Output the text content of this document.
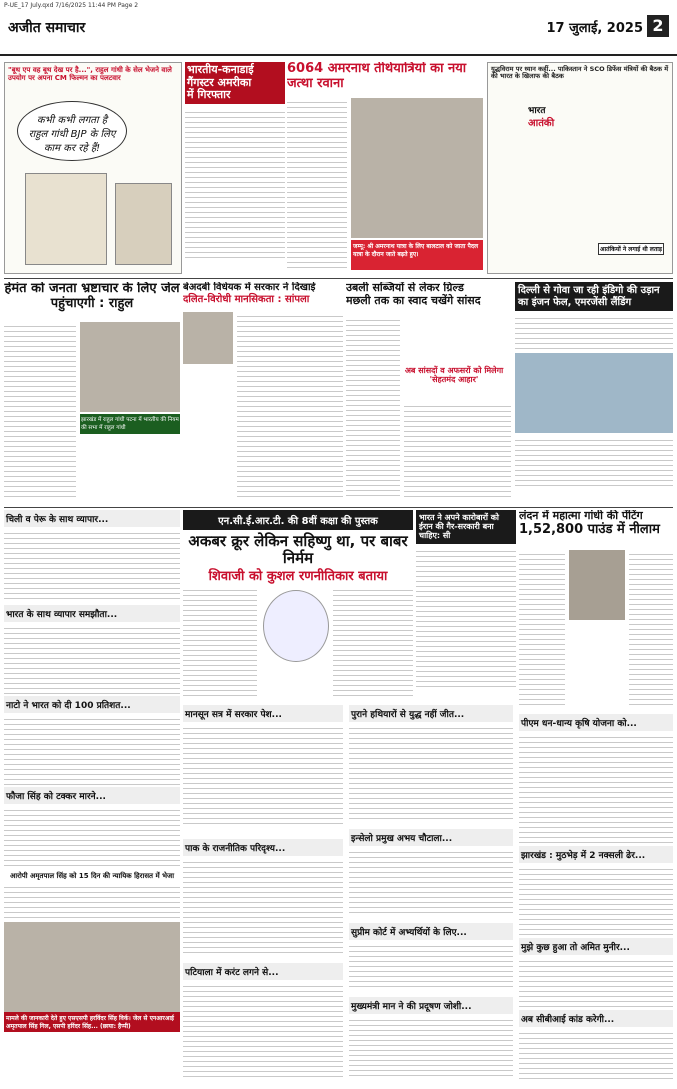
P-UE_17 July.qxd 7/16/2025 11:44 PM Page 2
अजीत समाचार	17 जुलाई, 2025 2
"बूथ एप वह बूथ देख पर है...", राहुल गांधी के सेल भेजने वाले उपयोग पर अपना CM फिल्मन का पलटवार
कभी कभी लगता है राहुल गांधी BJP के लिए काम कर रहे हैं!
भारतीय-कनाडाई
गैंगस्टर अमरीका
में गिरफ्तार
6064 अमरनाथ तीर्थयात्रियों का नया जत्था रवाना
जम्मू: श्री अमरनाथ यात्रा के लिए बालटाल को जाता पैदल यात्रा के दौरान जाते बढ़ते हुए।
युद्धविराम पर ध्यान कहीं... पाकिस्तान ने SCO डिफेंस मंत्रियों की बैठक में की भारत के खिलाफ की बैठक
भारत
आतंकी
आतंकियों ने लगाई थी लताड़
हेमंत को जनता भ्रष्टाचार के लिए जेल पहुंचाएगी : राहुल
झारखंड में राहुल गांधी पटना में भारतीय की नियम की सभा में राहुल गांधी
बेअदबी विधेयक में सरकार ने दिखाई
दलित-विरोधी मानसिकता : सांपला
उबली सब्जियों से लेकर ग्रिल्ड
मछली तक का स्वाद चखेंगे सांसद
अब सांसदों व अफसरों को मिलेगा 'सेहतमंद आहार'
दिल्ली से गोवा जा रही इंडिगो की उड़ान का इंजन फेल, एमरजेंसी लैंडिंग
चिली व पेरू के साथ व्यापार...
भारत के साथ व्यापार समझौता...
नाटो ने भारत को दी 100 प्रतिशत...
फौजा सिंह को टक्कर मारने...
आरोपी अमृतपाल सिंह को 15 दिन की न्यायिक हिरासत में भेजा
मामले की जानकारी देते हुए एसएसपी हरविंदर सिंह विर्क। जेल से एनआरआई अमृतपाल सिंह गिल, एसपी हरिंदर सिंह... (छाया: हैप्पी)
एन.सी.ई.आर.टी. की 8वीं कक्षा की पुस्तक
अकबर क्रूर लेकिन सहिष्णु था, पर बाबर निर्मम
शिवाजी को कुशल रणनीतिकार बताया
भारत ने अपने कारोबारों को ईरान की गैर-सरकारी बना चाहिए: सी
लंदन में महात्मा गांधी की पेंटिंग
1,52,800 पाउंड में नीलाम
मानसून सत्र में सरकार पेश...	पुराने हथियारों से युद्ध नहीं जीत...
पाक के राजनीतिक परिदृश्य...
इन्सेलो प्रमुख अभय चौटाला...
सुप्रीम कोर्ट में अभ्यर्थियों के लिए...
पटियाला में करंट लगने से...
मुख्यमंत्री मान ने की प्रदूषण जोशी...
पीएम धन-धान्य कृषि योजना को...
झारखंड : मुठभेड़ में 2 नक्सली ढेर...
मुझे कुछ हुआ तो अमित मुनीर...
अब सीबीआई कांड करेगी...
